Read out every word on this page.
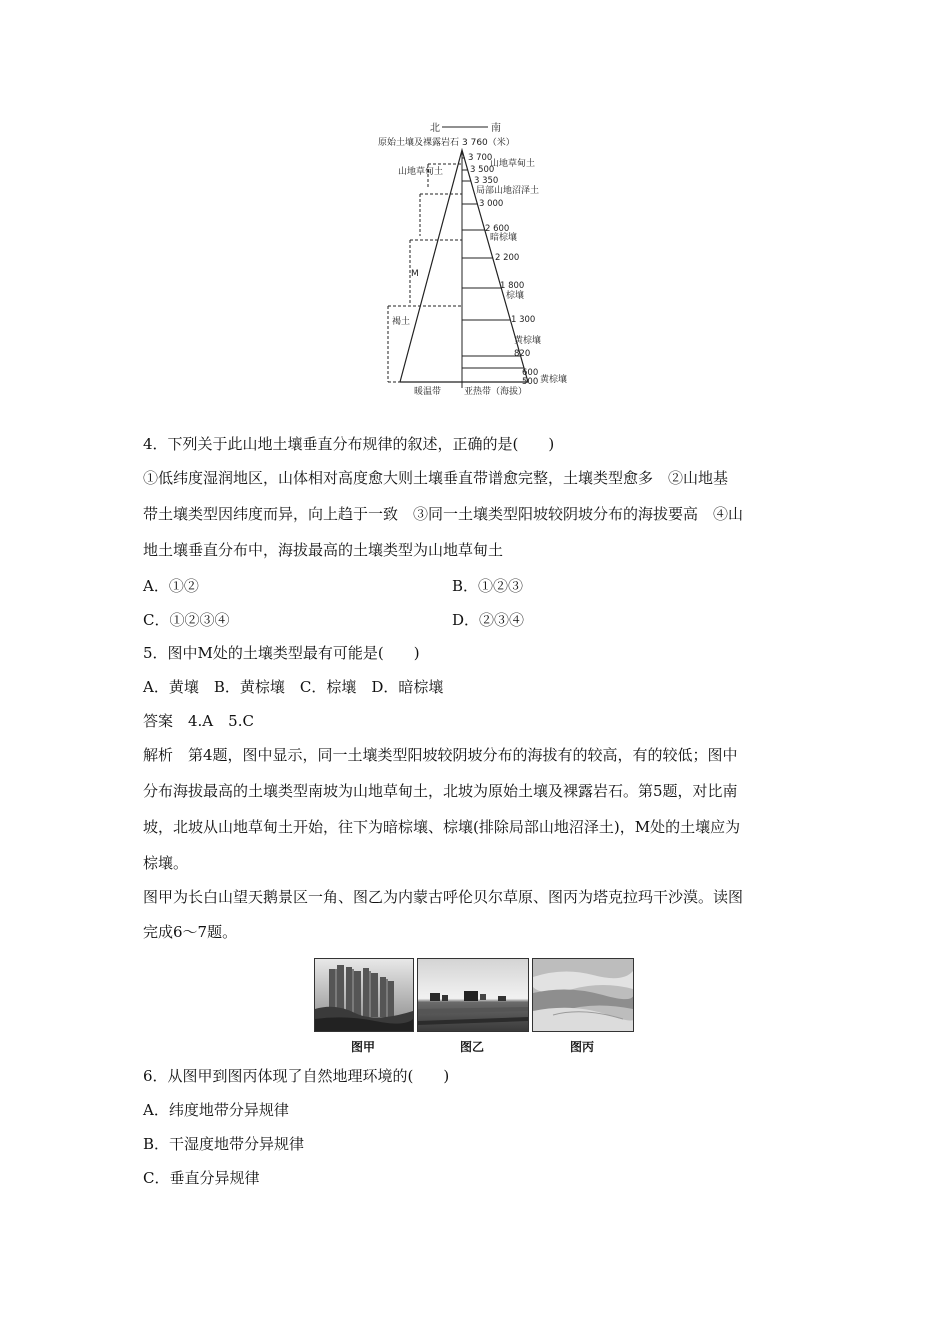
北	南
原始土壤及裸露岩石 3 760（米）
3 700
3 500
3 350
3 000
2 600
2 200
1 800
1 300
820
600
500
山地草甸土
局部山地沼泽土
暗棕壤
棕壤
黄棕壤
黄棕壤
山地草甸土
M
褐土
暖温带	亚热带（海拔）
4．下列关于此山地土壤垂直分布规律的叙述，正确的是(　　)
①低纬度湿润地区，山体相对高度愈大则土壤垂直带谱愈完整，土壤类型愈多　②山地基
带土壤类型因纬度而异，向上趋于一致　③同一土壤类型阳坡较阴坡分布的海拔要高　④山
地土壤垂直分布中，海拔最高的土壤类型为山地草甸土
A．①②	B．①②③
C．①②③④	D．②③④
5．图中M处的土壤类型最有可能是(　　)
A．黄壤　B．黄棕壤　C．棕壤　D．暗棕壤
答案　4.A　5.C
解析　第4题，图中显示，同一土壤类型阳坡较阴坡分布的海拔有的较高，有的较低；图中
分布海拔最高的土壤类型南坡为山地草甸土，北坡为原始土壤及裸露岩石。第5题，对比南
坡，北坡从山地草甸土开始，往下为暗棕壤、棕壤(排除局部山地沼泽土)，M处的土壤应为
棕壤。
图甲为长白山望天鹅景区一角、图乙为内蒙古呼伦贝尔草原、图丙为塔克拉玛干沙漠。读图
完成6～7题。
图甲	图乙	图丙
6．从图甲到图丙体现了自然地理环境的(　　)
A．纬度地带分异规律
B．干湿度地带分异规律
C．垂直分异规律
